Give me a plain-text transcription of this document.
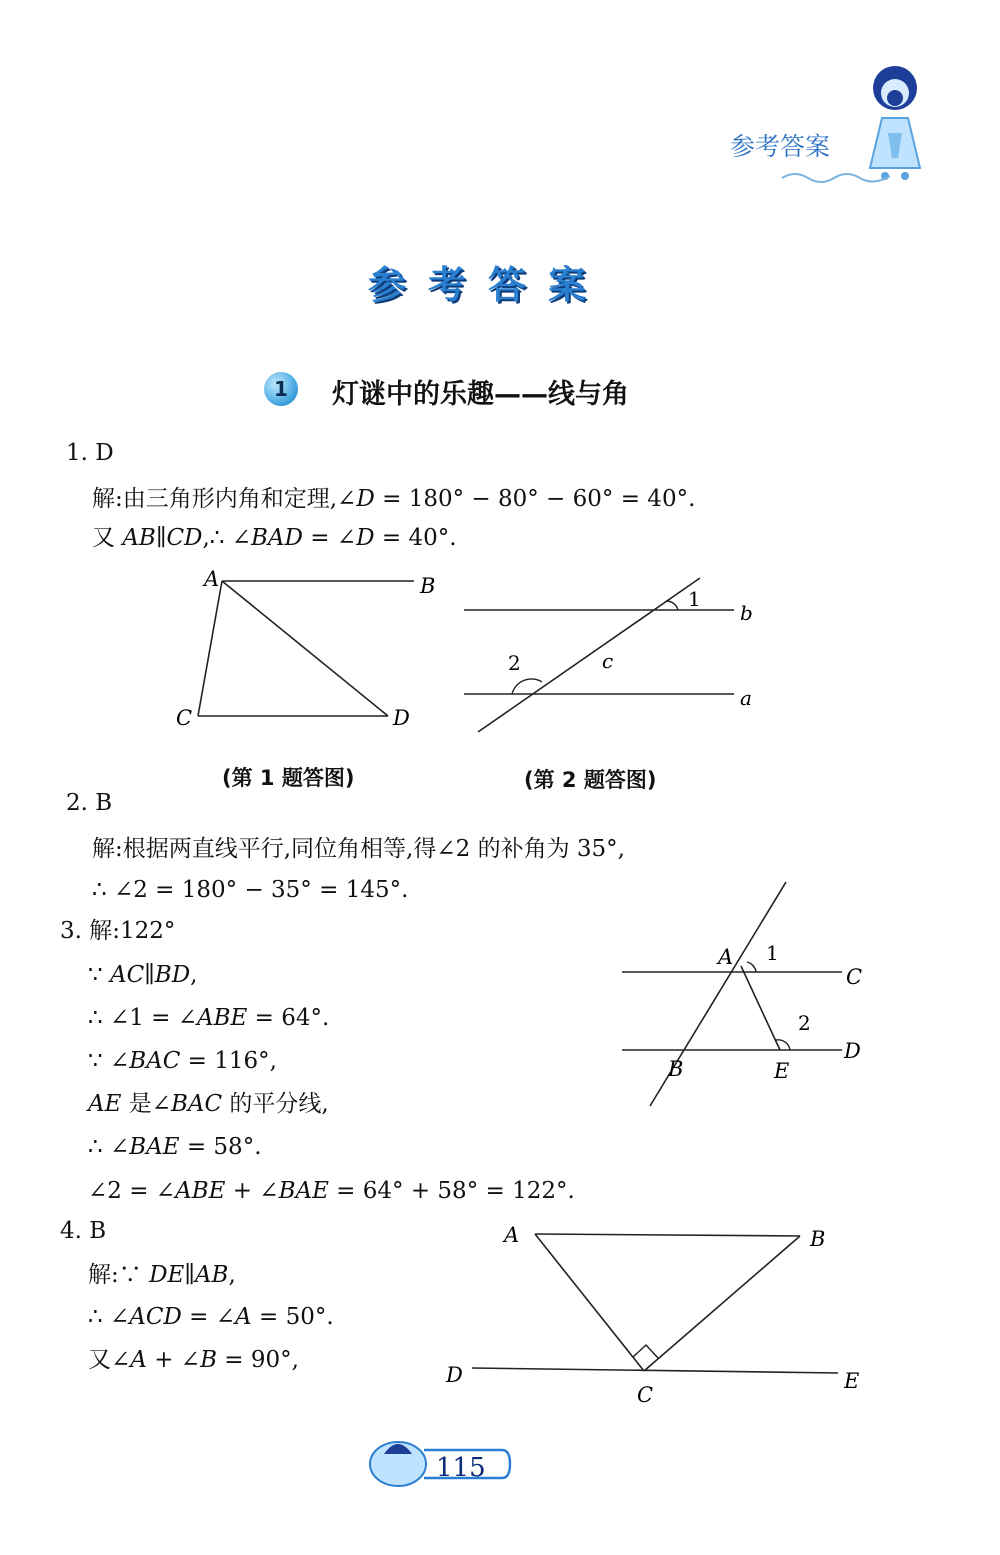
参考答案
参考答案
1	灯谜中的乐趣——线与角
1. D
解:由三角形内角和定理,∠D = 180° − 80° − 60° = 40°.
又 AB∥CD,∴ ∠BAD = ∠D = 40°.
A	B
C	D
(第 1 题答图)
1
2
b
a
c
(第 2 题答图)
2. B
解:根据两直线平行,同位角相等,得∠2 的补角为 35°,
∴ ∠2 = 180° − 35° = 145°.
3. 解:122°
∵ AC∥BD,
∴ ∠1 = ∠ABE = 64°.
∵ ∠BAC = 116°,
AE 是∠BAC 的平分线,
∴ ∠BAE = 58°.
∠2 = ∠ABE + ∠BAE = 64° + 58° = 122°.
A 1
C
2
D
B	E
4. B
解:∵ DE∥AB,
∴ ∠ACD = ∠A = 50°.
又∠A + ∠B = 90°,
A	B
D	E
C
115
